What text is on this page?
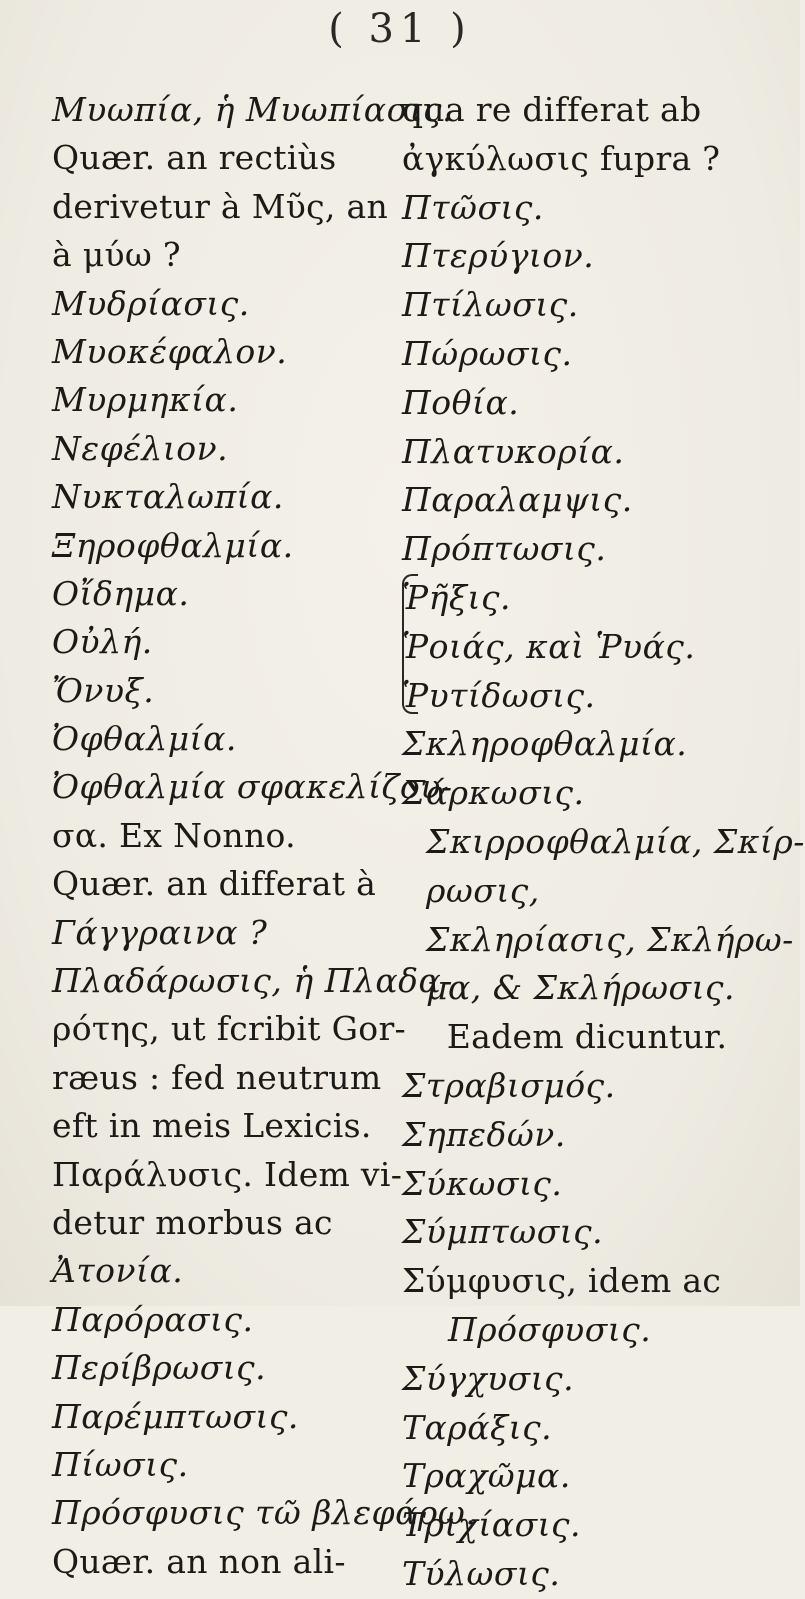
( 31 )
Μυωπία, ἡ Μυωπίασις.
Quær. an rectiùs
derivetur à Μῦς, an
à μύω ?
Μυδρίασις.
Μυοκέφαλον.
Μυρμηκία.
Νεφέλιον.
Νυκταλωπία.
Ξηροφθαλμία.
Οἴδημα.
Οὐλή.
Ὄνυξ.
Ὀφθαλμία.
Ὀφθαλμία σφακελίζου-
σα. Ex Nonno.
Quær. an differat à
Γάγγραινα ?
Πλαδάρωσις, ἡ Πλαδα-
ρότης, ut fcribit Gor-
ræus : fed neutrum
eft in meis Lexicis.
Παράλυσις. Idem vi-
detur morbus ac
Ἀτονία.
Παρόρασις.
Περίβρωσις.
Παρέμπτωσις.
Πίωσις.
Πρόσφυσις τῶ βλεφάρω.
Quær. an non ali-
qua re differat ab
ἀγκύλωσις fupra ?
Πτῶσις.
Πτερύγιον.
Πτίλωσις.
Πώρωσις.
Ποθία.
Πλατυκορία.
Παραλαμψις.
Πρόπτωσις.
Ῥῆξις.
Ῥοιάς, καὶ Ῥυάς.
Ῥυτίδωσις.
Σκληροφθαλμία.
Σάρκωσις.
Σκιρροφθαλμία, Σκίρ-
ρωσις,
Σκληρίασις, Σκλήρω-
μα, & Σκλήρωσις.
Eadem dicuntur.
Στραβισμός.
Σηπεδών.
Σύκωσις.
Σύμπτωσις.
Σύμφυσις, idem ac
Πρόσφυσις.
Σύγχυσις.
Ταράξις.
Τραχῶμα.
Τριχίασις.
Τύλωσις.
